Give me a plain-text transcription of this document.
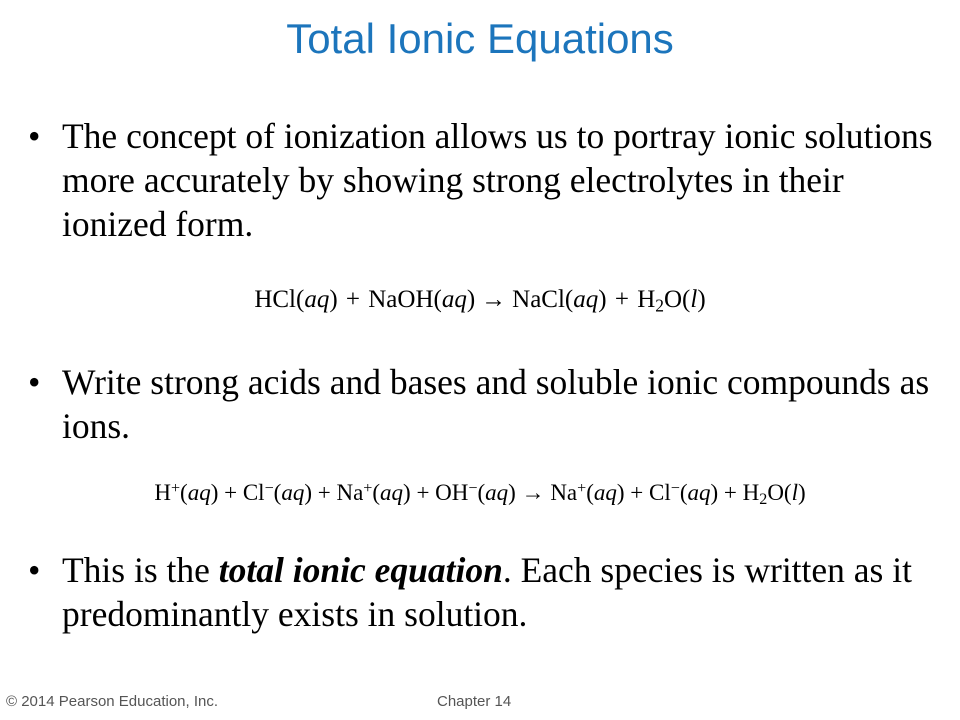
Total Ionic Equations
• The concept of ionization allows us to portray ionic solutions more accurately by showing strong electrolytes in their ionized form.
HCl(aq) + NaOH(aq) → NaCl(aq) + $H_2O(l)$
• Write strong acids and bases and soluble ionic compounds as ions.
$H^+(aq) + Cl^-(aq) + Na^+(aq) + OH^-(aq) \to Na^+(aq) + Cl^-(aq) + H_2O(l)$
• This is the total ionic equation. Each species is written as it predominantly exists in solution.
© 2014 Pearson Education, Inc.	Chapter 14
